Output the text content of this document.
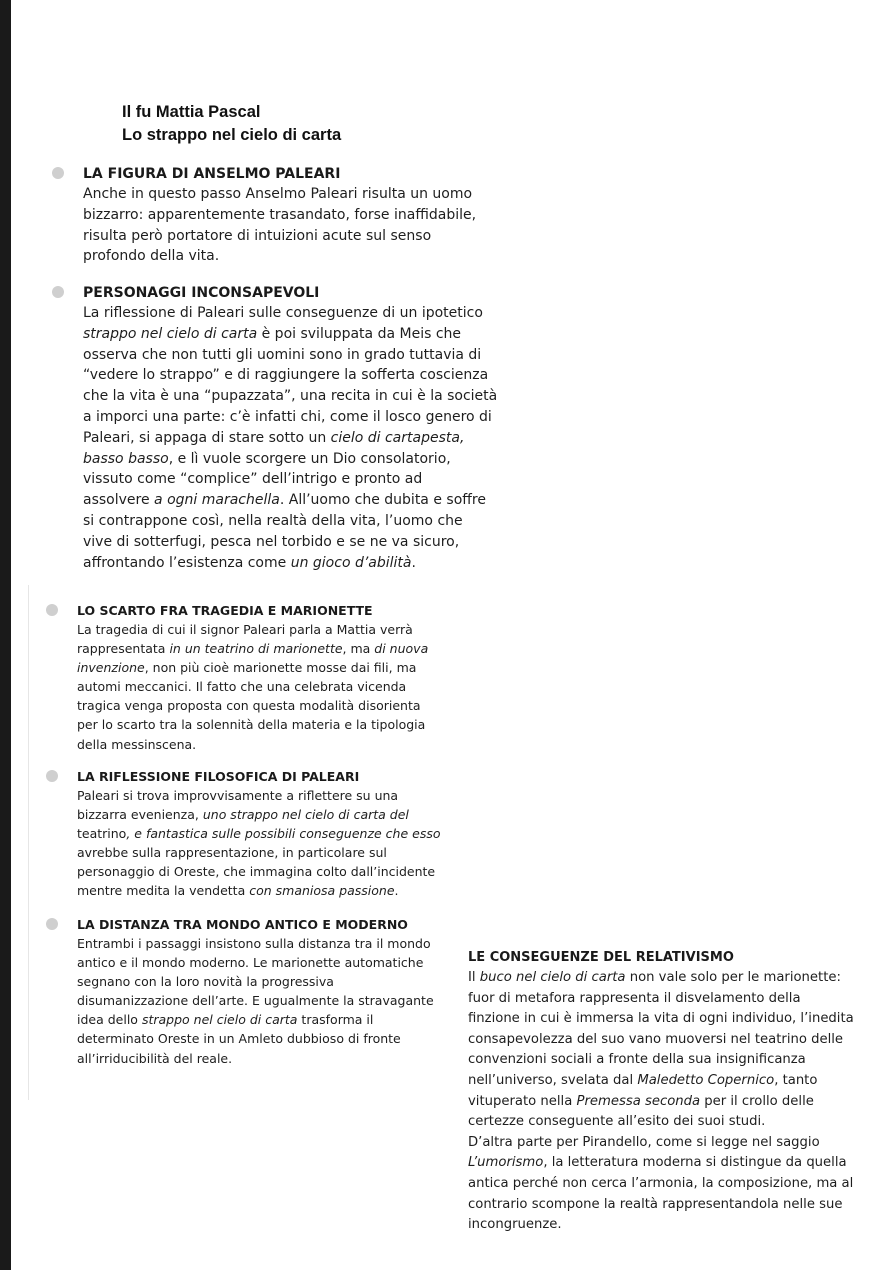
Il fu Mattia Pascal
Lo strappo nel cielo di carta
LA FIGURA DI ANSELMO PALEARI

Anche in questo passo Anselmo Paleari risulta un uomo
bizzarro: apparentemente trasandato, forse inaffidabile,
risulta però portatore di intuizioni acute sul senso
profondo della vita.

PERSONAGGI INCONSAPEVOLI

La riflessione di Paleari sulle conseguenze di un ipotetico
strappo nel cielo di carta è poi sviluppata da Meis che
osserva che non tutti gli uomini sono in grado tuttavia di
“vedere lo strappo” e di raggiungere la sofferta coscienza
che la vita è una “pupazzata”, una recita in cui è la società
a imporci una parte: c’è infatti chi, come il losco genero di
Paleari, si appaga di stare sotto un cielo di cartapesta,
basso basso, e lì vuole scorgere un Dio consolatorio,
vissuto come “complice” dell’intrigo e pronto ad
assolvere a ogni marachella. All’uomo che dubita e soffre
si contrappone così, nella realtà della vita, l’uomo che
vive di sotterfugi, pesca nel torbido e se ne va sicuro,
affrontando l’esistenza come un gioco d’abilità.

LO SCARTO FRA TRAGEDIA E MARIONETTE

La tragedia di cui il signor Paleari parla a Mattia verrà
rappresentata in un teatrino di marionette, ma di nuova
invenzione, non più cioè marionette mosse dai fili, ma
automi meccanici. Il fatto che una celebrata vicenda
tragica venga proposta con questa modalità disorienta
per lo scarto tra la solennità della materia e la tipologia
della messinscena.

LA RIFLESSIONE FILOSOFICA DI PALEARI

Paleari si trova improvvisamente a riflettere su una
bizzarra evenienza, uno strappo nel cielo di carta del
teatrino, e fantastica sulle possibili conseguenze che esso
avrebbe sulla rappresentazione, in particolare sul
personaggio di Oreste, che immagina colto dall’incidente
mentre medita la vendetta con smaniosa passione.

LA DISTANZA TRA MONDO ANTICO E MODERNO

Entrambi i passaggi insistono sulla distanza tra il mondo
antico e il mondo moderno. Le marionette automatiche
segnano con la loro novità la progressiva
disumanizzazione dell’arte. E ugualmente la stravagante
idea dello strappo nel cielo di carta trasforma il
determinato Oreste in un Amleto dubbioso di fronte
all’irriducibilità del reale.

LE CONSEGUENZE DEL RELATIVISMO

Il buco nel cielo di carta non vale solo per le marionette:
fuor di metafora rappresenta il disvelamento della
finzione in cui è immersa la vita di ogni individuo, l’inedita
consapevolezza del suo vano muoversi nel teatrino delle
convenzioni sociali a fronte della sua insignificanza
nell’universo, svelata dal Maledetto Copernico, tanto
vituperato nella Premessa seconda per il crollo delle
certezze conseguente all’esito dei suoi studi.
D’altra parte per Pirandello, come si legge nel saggio
L’umorismo, la letteratura moderna si distingue da quella
antica perché non cerca l’armonia, la composizione, ma al
contrario scompone la realtà rappresentandola nelle sue
incongruenze.
